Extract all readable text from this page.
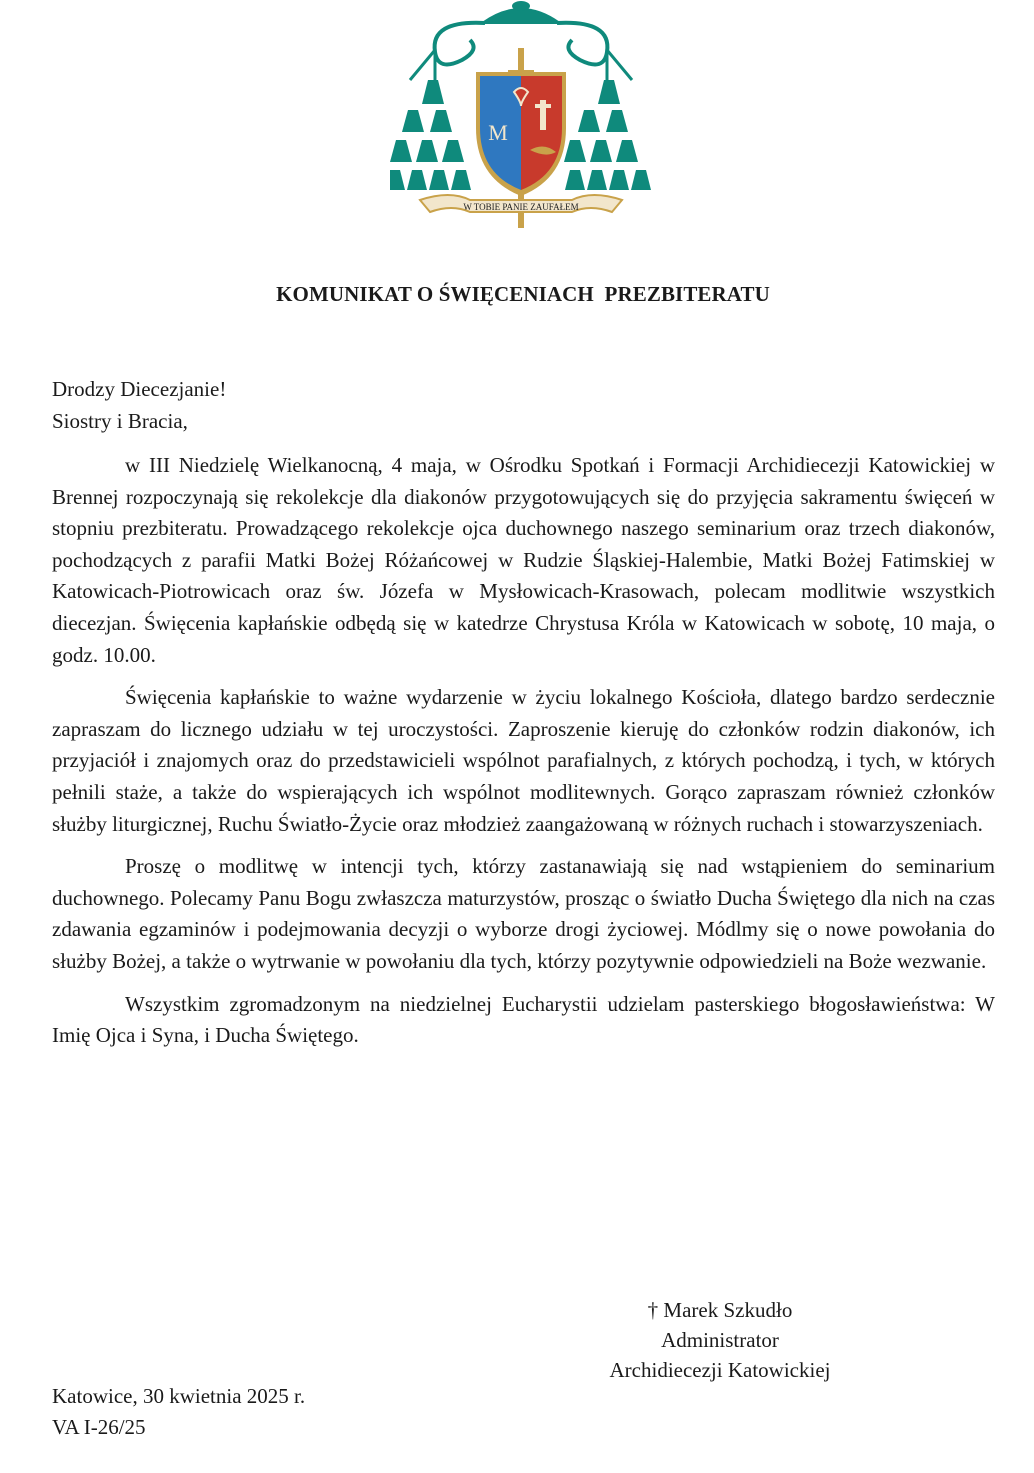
M
W TOBIE PANIE ZAUFAŁEM
KOMUNIKAT O ŚWIĘCENIACH  PREZBITERATU
Drodzy Diecezjanie!
Siostry i Bracia,

w III Niedzielę Wielkanocną, 4 maja, w Ośrodku Spotkań i Formacji Archidiecezji Katowickiej w Brennej rozpoczynają się rekolekcje dla diakonów przygotowujących się do przyjęcia sakramentu święceń w stopniu prezbiteratu. Prowadzącego rekolekcje ojca duchownego naszego seminarium oraz trzech diakonów, pochodzących z parafii Matki Bożej Różańcowej w Rudzie Śląskiej-Halembie, Matki Bożej Fatimskiej w Katowicach-Piotrowicach oraz św. Józefa w Mysłowicach-Krasowach, polecam modlitwie wszystkich diecezjan. Święcenia kapłańskie odbędą się w katedrze Chrystusa Króla w Katowicach w sobotę, 10 maja, o godz. 10.00.

Święcenia kapłańskie to ważne wydarzenie w życiu lokalnego Kościoła, dlatego bardzo serdecznie zapraszam do licznego udziału w tej uroczystości. Zaproszenie kieruję do członków rodzin diakonów, ich przyjaciół i znajomych oraz do przedstawicieli wspólnot parafialnych, z których pochodzą, i tych, w których pełnili staże, a także do wspierających ich wspólnot modlitewnych. Gorąco zapraszam również członków służby liturgicznej, Ruchu Światło-Życie oraz młodzież zaangażowaną w różnych ruchach i stowarzyszeniach.

Proszę o modlitwę w intencji tych, którzy zastanawiają się nad wstąpieniem do seminarium duchownego. Polecamy Panu Bogu zwłaszcza maturzystów, prosząc o światło Ducha Świętego dla nich na czas zdawania egzaminów i podejmowania decyzji o wyborze drogi życiowej. Módlmy się o nowe powołania do służby Bożej, a także o wytrwanie w powołaniu dla tych, którzy pozytywnie odpowiedzieli na Boże wezwanie.

Wszystkim zgromadzonym na niedzielnej Eucharystii udzielam pasterskiego błogosławieństwa: W Imię Ojca i Syna, i Ducha Świętego.

† Marek Szkudło
Administrator
Archidiecezji Katowickiej
Katowice, 30 kwietnia 2025 r.
VA I-26/25
